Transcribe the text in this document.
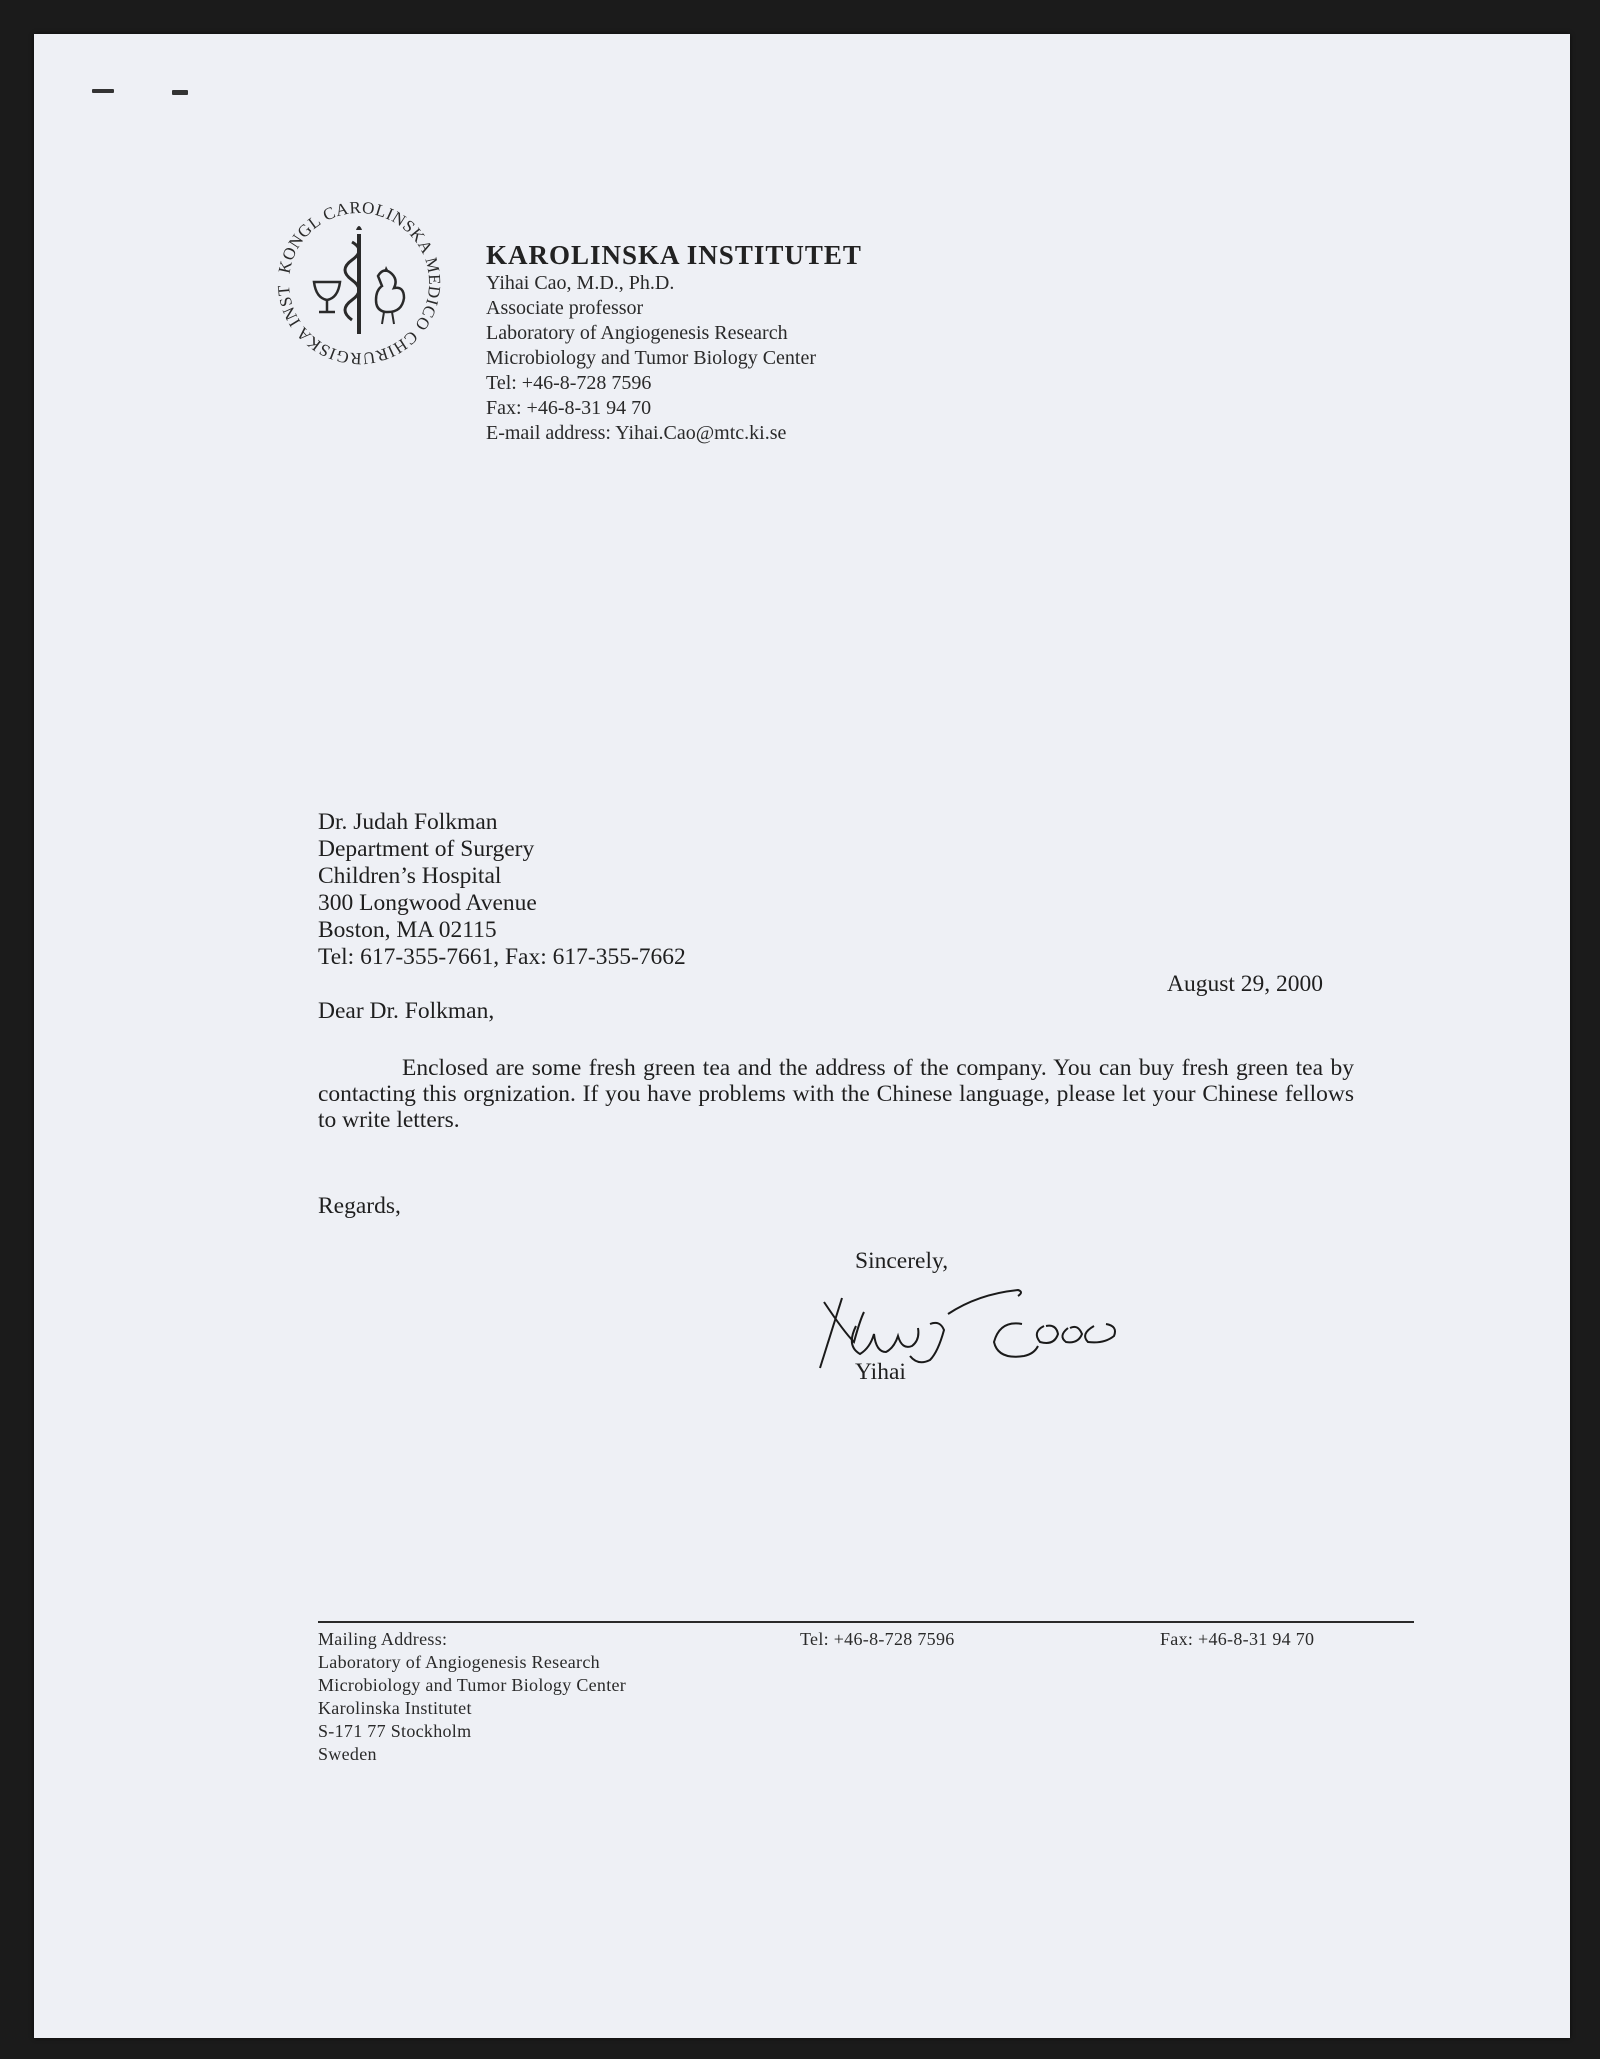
KONGL CAROLINSKA MEDICO CHIRURGISKA INST
KAROLINSKA INSTITUTET
Yihai Cao, M.D., Ph.D.
Associate professor
Laboratory of Angiogenesis Research
Microbiology and Tumor Biology Center
Tel: +46-8-728 7596
Fax: +46-8-31 94 70
E-mail address: Yihai.Cao@mtc.ki.se
Dr. Judah Folkman
Department of Surgery
Children’s Hospital
300 Longwood Avenue
Boston, MA 02115
Tel: 617-355-7661, Fax: 617-355-7662
August 29, 2000
Dear Dr. Folkman,
Enclosed are some fresh green tea and the address of the company. You can buy fresh green tea by contacting this orgnization. If you have problems with the Chinese language, please let your Chinese fellows to write letters.
Regards,
Sincerely,
Yihai
Mailing Address:
Laboratory of Angiogenesis Research
Microbiology and Tumor Biology Center
Karolinska Institutet
S-171 77 Stockholm
Sweden
Tel: +46-8-728 7596	Fax: +46-8-31 94 70
